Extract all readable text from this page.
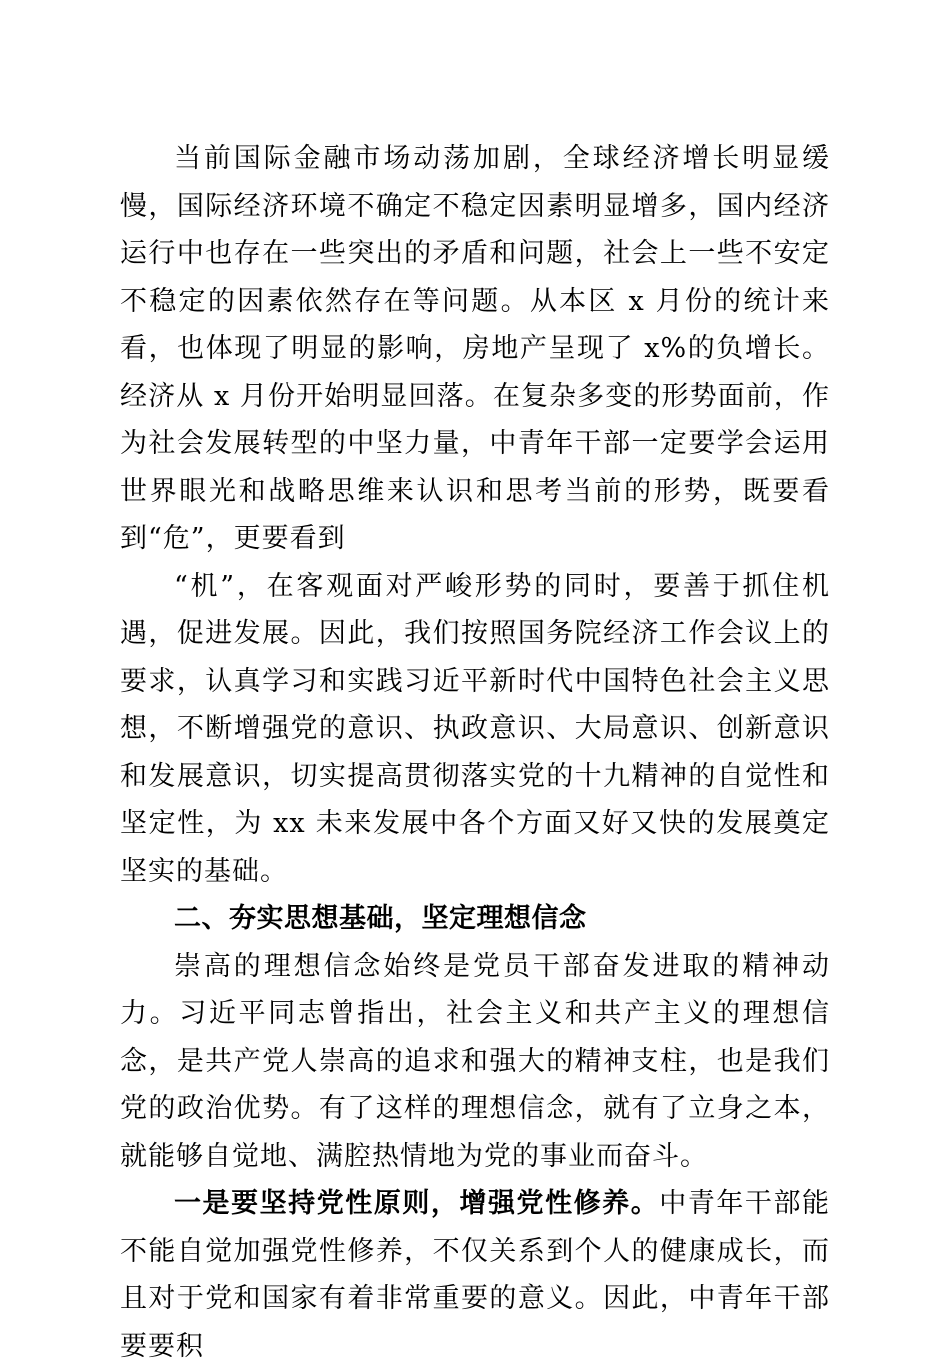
当前国际金融市场动荡加剧，全球经济增长明显缓慢，国际经济环境不确定不稳定因素明显增多，国内经济运行中也存在一些突出的矛盾和问题，社会上一些不安定不稳定的因素依然存在等问题。从本区 x 月份的统计来看，也体现了明显的影响，房地产呈现了 x%的负增长。经济从 x 月份开始明显回落。在复杂多变的形势面前，作为社会发展转型的中坚力量，中青年干部一定要学会运用世界眼光和战略思维来认识和思考当前的形势，既要看到“危”，更要看到

“机”，在客观面对严峻形势的同时，要善于抓住机遇，促进发展。因此，我们按照国务院经济工作会议上的要求，认真学习和实践习近平新时代中国特色社会主义思想，不断增强党的意识、执政意识、大局意识、创新意识和发展意识，切实提高贯彻落实党的十九精神的自觉性和坚定性，为 xx 未来发展中各个方面又好又快的发展奠定坚实的基础。

二、夯实思想基础，坚定理想信念

崇高的理想信念始终是党员干部奋发进取的精神动力。习近平同志曾指出，社会主义和共产主义的理想信念，是共产党人崇高的追求和强大的精神支柱，也是我们党的政治优势。有了这样的理想信念，就有了立身之本，就能够自觉地、满腔热情地为党的事业而奋斗。

一是要坚持党性原则，增强党性修养。中青年干部能不能自觉加强党性修养，不仅关系到个人的健康成长，而且对于党和国家有着非常重要的意义。因此，中青年干部要要积
